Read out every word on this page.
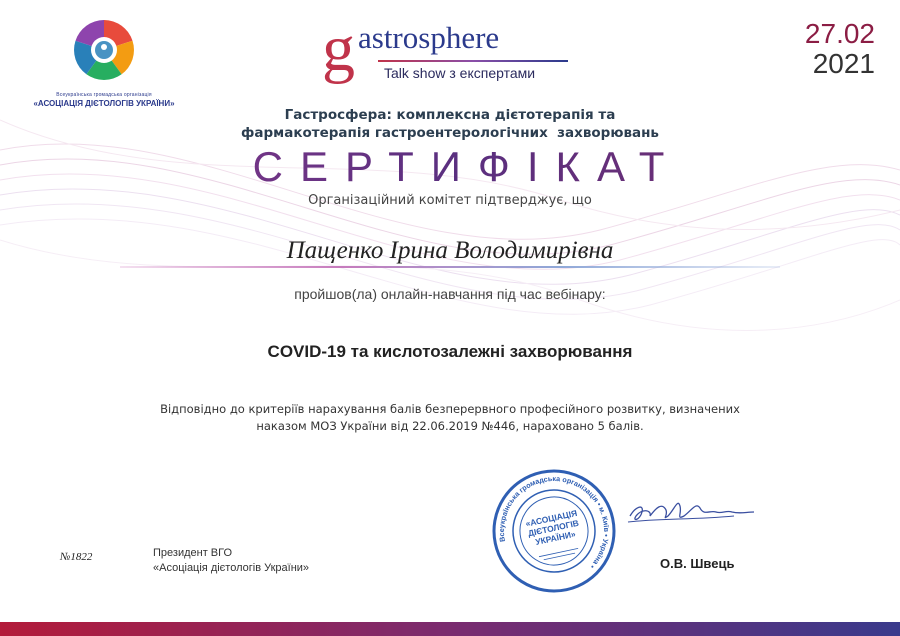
Всеукраїнська громадська організація
«АСОЦІАЦІЯ ДІЄТОЛОГІВ УКРАЇНИ»
g astrosphere
Talk show з експертами
27.02
2021
Гастросфера: комплексна дієтотерапія та
фармакотерапія гастроентерологічних  захворювань
СЕРТИФІКАТ
Організаційний комітет підтверджує, що
Пащенко Ірина Володимирівна
пройшов(ла) онлайн-навчання під час вебінару:
COVID-19 та кислотозалежні захворювання
Відповідно до критеріїв нарахування балів безперервного професійного розвитку, визначених
наказом МОЗ України від 22.06.2019 №446, нараховано 5 балів.
№1822	Президент ВГО
«Асоціація дієтологів України»
Всеукраїнська громадська організація • м. Київ • Україна •
«АСОЦІАЦІЯ ДІЄТОЛОГІВ УКРАЇНИ»
О.В. Швець
